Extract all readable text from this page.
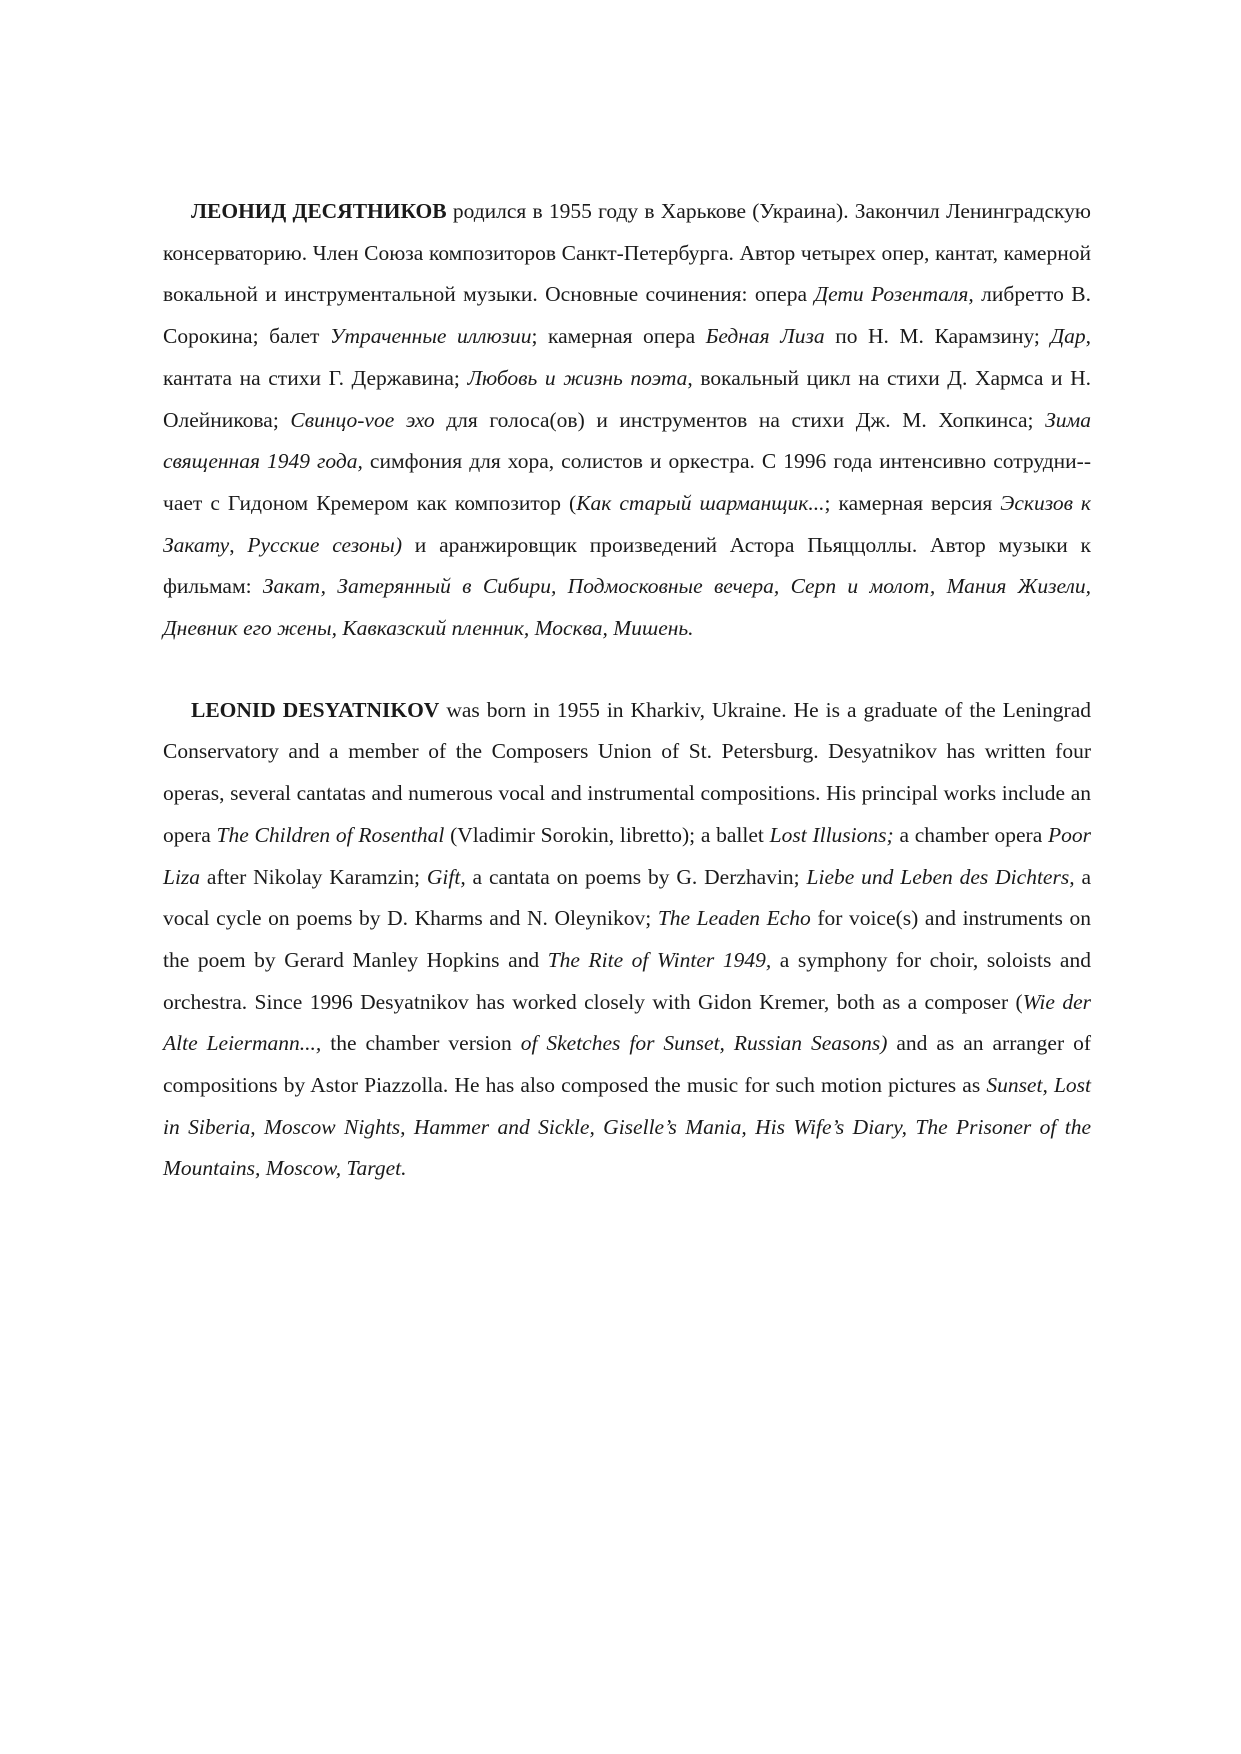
ЛЕОНИД ДЕСЯТНИКОВ родился в 1955 году в Харькове (Украина). Закончил Ленинградскую консерваторию. Член Союза композиторов Санкт-Петербурга. Автор четырех опер, кантат, камерной вокальной и инструментальной музыки. Основные сочинения: опера Дети Розенталя, либретто В. Сорокина; балет Утраченные иллюзии; камерная опера Бедная Лиза по Н. М. Карамзину; Дар, кантата на стихи Г. Державина; Любовь и жизнь поэта, вокальный цикл на стихи Д. Хармса и Н. Олейникова; Свинцо-vое эхо для голоса(ов) и инструментов на стихи Дж. М. Хопкинса; Зима священная 1949 года, симфония для хора, солистов и оркестра. С 1996 года интенсивно сотрудни-чает с Гидоном Кремером как композитор (Как старый шарманщик...; камерная версия Эскизов к Закату, Русские сезоны) и аранжировщик произведений Астора Пьяццоллы. Автор музыки к фильмам: Закат, Затерянный в Сибири, Подмосковные вечера, Серп и молот, Мания Жизели, Дневник его жены, Кавказский пленник, Москва, Мишень.

LEONID DESYATNIKOV was born in 1955 in Kharkiv, Ukraine. He is a graduate of the Leningrad Conservatory and a member of the Composers Union of St. Petersburg. Desyatnikov has written four operas, several cantatas and numerous vocal and instrumental compositions. His principal works include an opera The Children of Rosenthal (Vladimir Sorokin, libretto); a ballet Lost Illusions; a chamber opera Poor Liza after Nikolay Karamzin; Gift, a cantata on poems by G. Derzhavin; Liebe und Leben des Dichters, a vocal cycle on poems by D. Kharms and N. Oleynikov; The Leaden Echo for voice(s) and instruments on the poem by Gerard Manley Hopkins and The Rite of Winter 1949, a symphony for choir, soloists and orchestra. Since 1996 Desyatnikov has worked closely with Gidon Kremer, both as a composer (Wie der Alte Leiermann..., the chamber version of Sketches for Sunset, Russian Seasons) and as an arranger of compositions by Astor Piazzolla. He has also composed the music for such motion pictures as Sunset, Lost in Siberia, Moscow Nights, Hammer and Sickle, Giselle’s Mania, His Wife’s Diary, The Prisoner of the Mountains, Moscow, Target.
